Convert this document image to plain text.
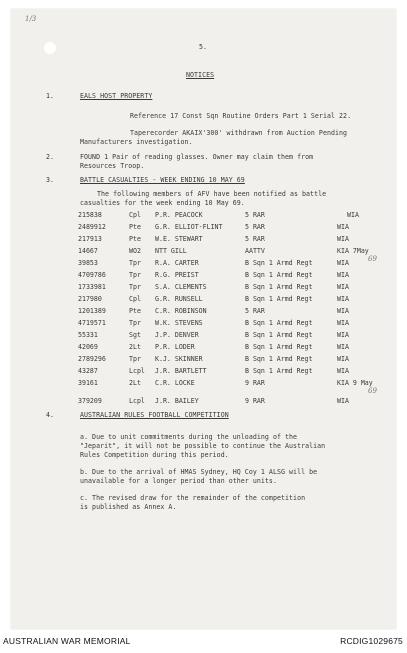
1/3
5.
NOTICES
1.	EALS HOST PROPERTY
Reference 17 Const Sqn Routine Orders Part 1 Serial 22.
Taperecorder AKAIX'300' withdrawn from Auction Pending
Manufacturers investigation.
2.	FOUND 1 Pair of reading glasses. Owner may claim them from
Resources Troop.
3.	BATTLE CASUALTIES - WEEK ENDING 10 MAY 69
The following members of AFV have been notified as battle
casualties for the week ending 10 May 69.
215838	Cpl P.R. PEACOCK	5 RAR	WIA
2489912	Pte G.R. ELLIOT-FLINT	5 RAR	WIA
217913	Pte W.E. STEWART	5 RAR	WIA
14667	WO2 NTT GILL	AATTV	KIA 7May
39853	Tpr R.A. CARTER	B Sqn 1 Armd Regt	WIA
4709786	Tpr R.G. PREIST	B Sqn 1 Armd Regt	WIA
1733981	Tpr S.A. CLEMENTS	B Sqn 1 Armd Regt	WIA
217980	Cpl G.R. RUNSELL	B Sqn 1 Armd Regt	WIA
1201389	Pte C.R. ROBINSON	5 RAR	WIA
4719571	Tpr W.K. STEVENS	B Sqn 1 Armd Regt	WIA
55331	Sgt J.P. DENVER	B Sqn 1 Armd Regt	WIA
42069	2Lt P.R. LODER	B Sqn 1 Armd Regt	WIA
2789296	Tpr K.J. SKINNER	B Sqn 1 Armd Regt	WIA
43287	Lcpl J.R. BARTLETT	B Sqn 1 Armd Regt	WIA
39161	2Lt C.R. LOCKE	9 RAR	KIA 9 May
379209	Lcpl J.R. BAILEY	9 RAR	WIA
69
69
4.	AUSTRALIAN RULES FOOTBALL COMPETITION
a. Due to unit commitments during the unloading of the
"Jeparit", it will not be possible to continue the Australian
Rules Competition during this period.
b. Due to the arrival of HMAS Sydney, HQ Coy 1 ALSG will be
unavailable for a longer period than other units.
c. The revised draw for the remainder of the competition
is published as Annex A.
AUSTRALIAN WAR MEMORIAL	RCDIG1029675
